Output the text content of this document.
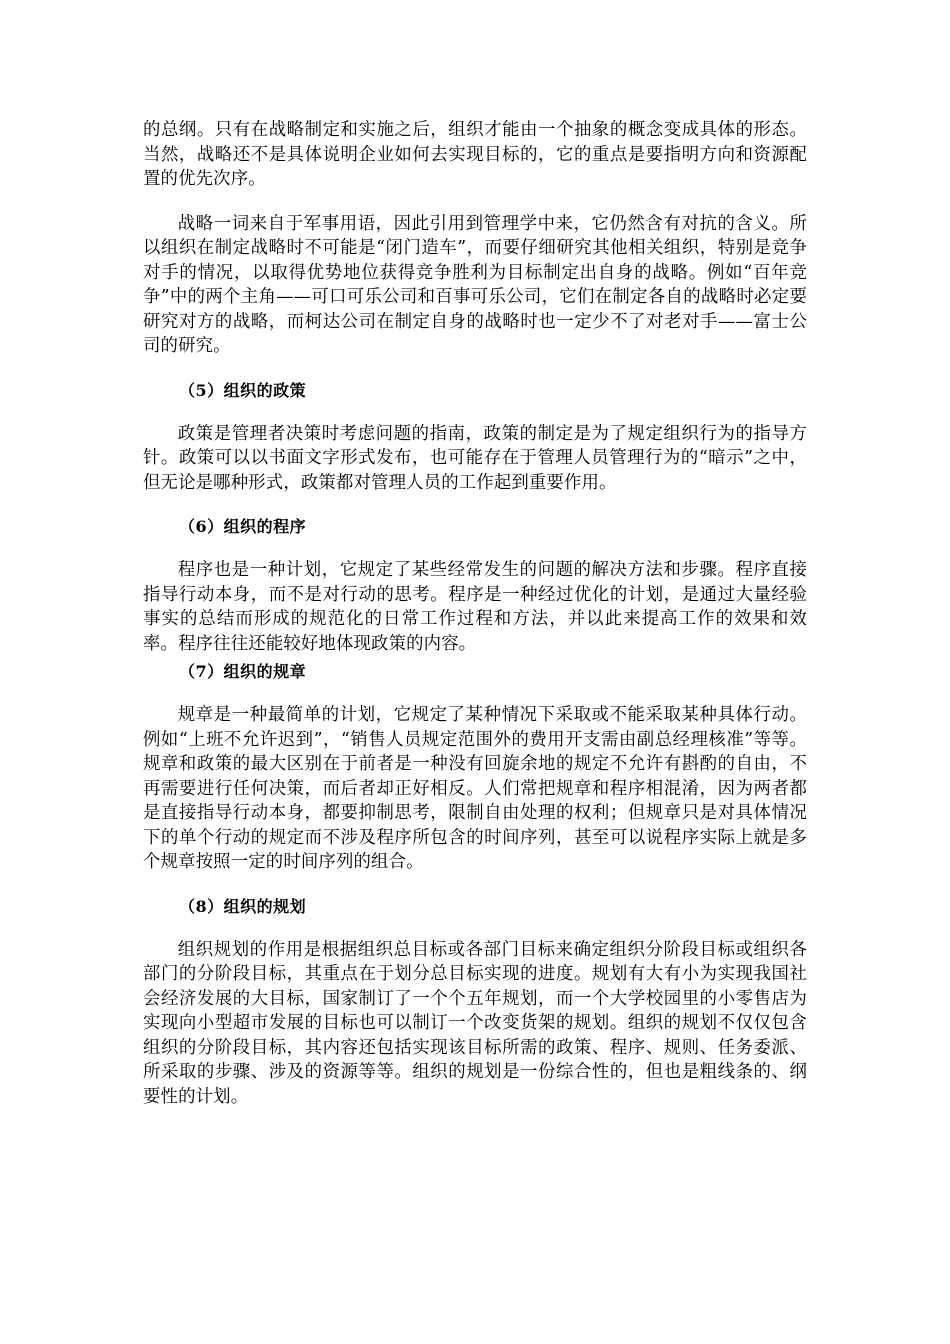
的总纲。只有在战略制定和实施之后，组织才能由一个抽象的概念变成具体的形态。当然，战略还不是具体说明企业如何去实现目标的，它的重点是要指明方向和资源配置的优先次序。

战略一词来自于军事用语，因此引用到管理学中来，它仍然含有对抗的含义。所以组织在制定战略时不可能是“闭门造车”，而要仔细研究其他相关组织，特别是竞争对手的情况，以取得优势地位获得竞争胜利为目标制定出自身的战略。例如“百年竞争”中的两个主角——可口可乐公司和百事可乐公司，它们在制定各自的战略时必定要研究对方的战略，而柯达公司在制定自身的战略时也一定少不了对老对手——富士公司的研究。

（5）组织的政策

政策是管理者决策时考虑问题的指南，政策的制定是为了规定组织行为的指导方针。政策可以以书面文字形式发布，也可能存在于管理人员管理行为的“暗示”之中，但无论是哪种形式，政策都对管理人员的工作起到重要作用。

（6）组织的程序

程序也是一种计划，它规定了某些经常发生的问题的解决方法和步骤。程序直接指导行动本身，而不是对行动的思考。程序是一种经过优化的计划，是通过大量经验事实的总结而形成的规范化的日常工作过程和方法，并以此来提高工作的效果和效率。程序往往还能较好地体现政策的内容。

（7）组织的规章

规章是一种最简单的计划，它规定了某种情况下采取或不能采取某种具体行动。例如“上班不允许迟到”，“销售人员规定范围外的费用开支需由副总经理核准”等等。规章和政策的最大区别在于前者是一种没有回旋余地的规定不允许有斟酌的自由，不再需要进行任何决策，而后者却正好相反。人们常把规章和程序相混淆，因为两者都是直接指导行动本身，都要抑制思考，限制自由处理的权利；但规章只是对具体情况下的单个行动的规定而不涉及程序所包含的时间序列，甚至可以说程序实际上就是多个规章按照一定的时间序列的组合。

（8）组织的规划

组织规划的作用是根据组织总目标或各部门目标来确定组织分阶段目标或组织各部门的分阶段目标，其重点在于划分总目标实现的进度。规划有大有小为实现我国社会经济发展的大目标，国家制订了一个个五年规划，而一个大学校园里的小零售店为实现向小型超市发展的目标也可以制订一个改变货架的规划。组织的规划不仅仅包含组织的分阶段目标，其内容还包括实现该目标所需的政策、程序、规则、任务委派、所采取的步骤、涉及的资源等等。组织的规划是一份综合性的，但也是粗线条的、纲要性的计划。
